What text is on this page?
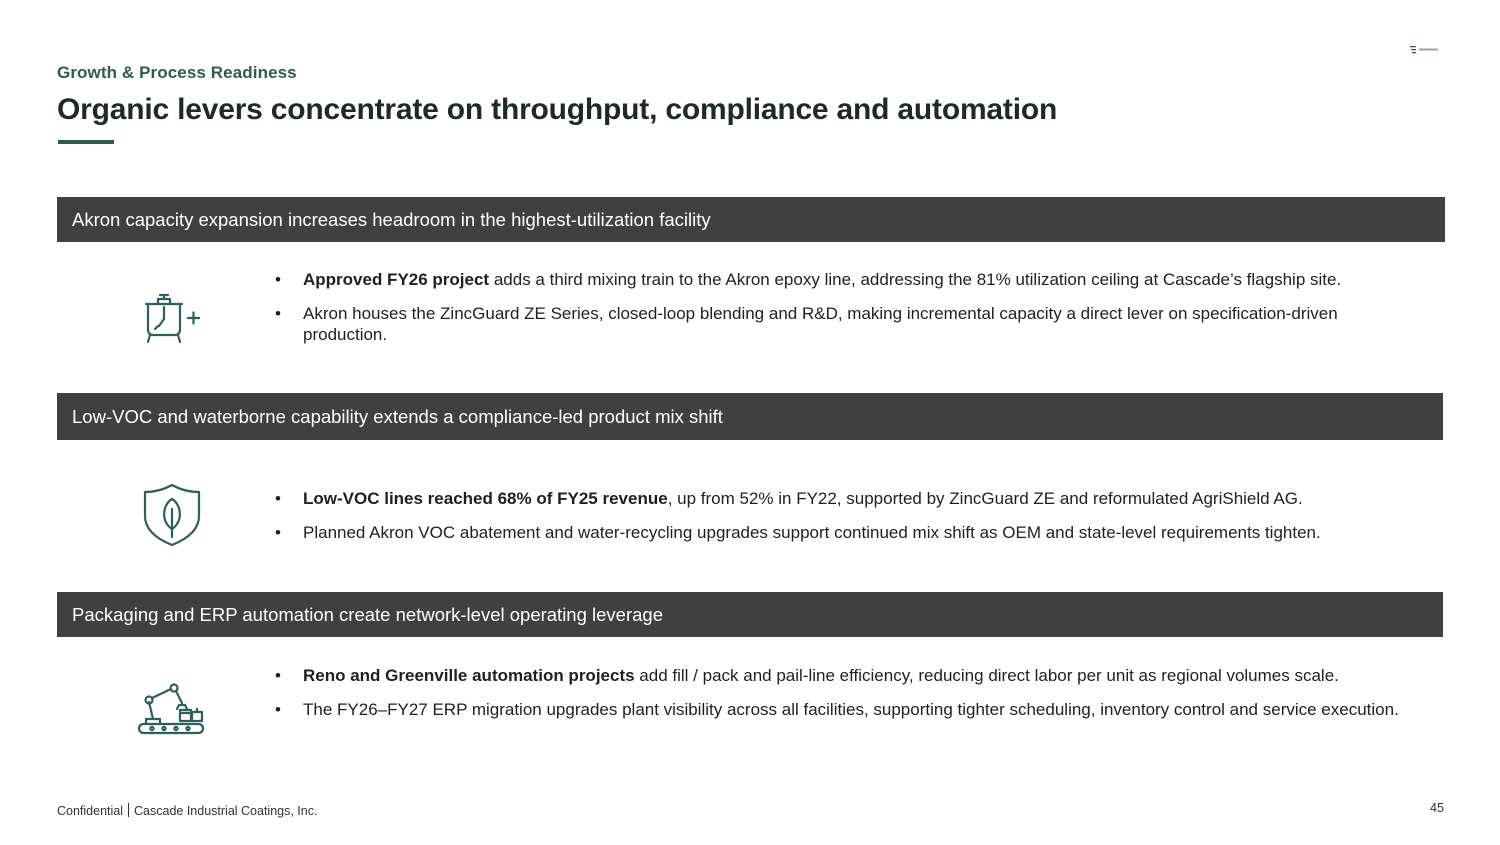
Growth & Process Readiness
Organic levers concentrate on throughput, compliance and automation
Akron capacity expansion increases headroom in the highest-utilization facility
• Approved FY26 project adds a third mixing train to the Akron epoxy line, addressing the 81% utilization ceiling at Cascade’s flagship site.
• Akron houses the ZincGuard ZE Series, closed-loop blending and R&D, making incremental capacity a direct lever on specification-driven production.
Low-VOC and waterborne capability extends a compliance-led product mix shift
• Low-VOC lines reached 68% of FY25 revenue, up from 52% in FY22, supported by ZincGuard ZE and reformulated AgriShield AG.
• Planned Akron VOC abatement and water-recycling upgrades support continued mix shift as OEM and state-level requirements tighten.
Packaging and ERP automation create network-level operating leverage
• Reno and Greenville automation projects add fill / pack and pail-line efficiency, reducing direct labor per unit as regional volumes scale.
• The FY26–FY27 ERP migration upgrades plant visibility across all facilities, supporting tighter scheduling, inventory control and service execution.
Confidential Cascade Industrial Coatings, Inc.	45
